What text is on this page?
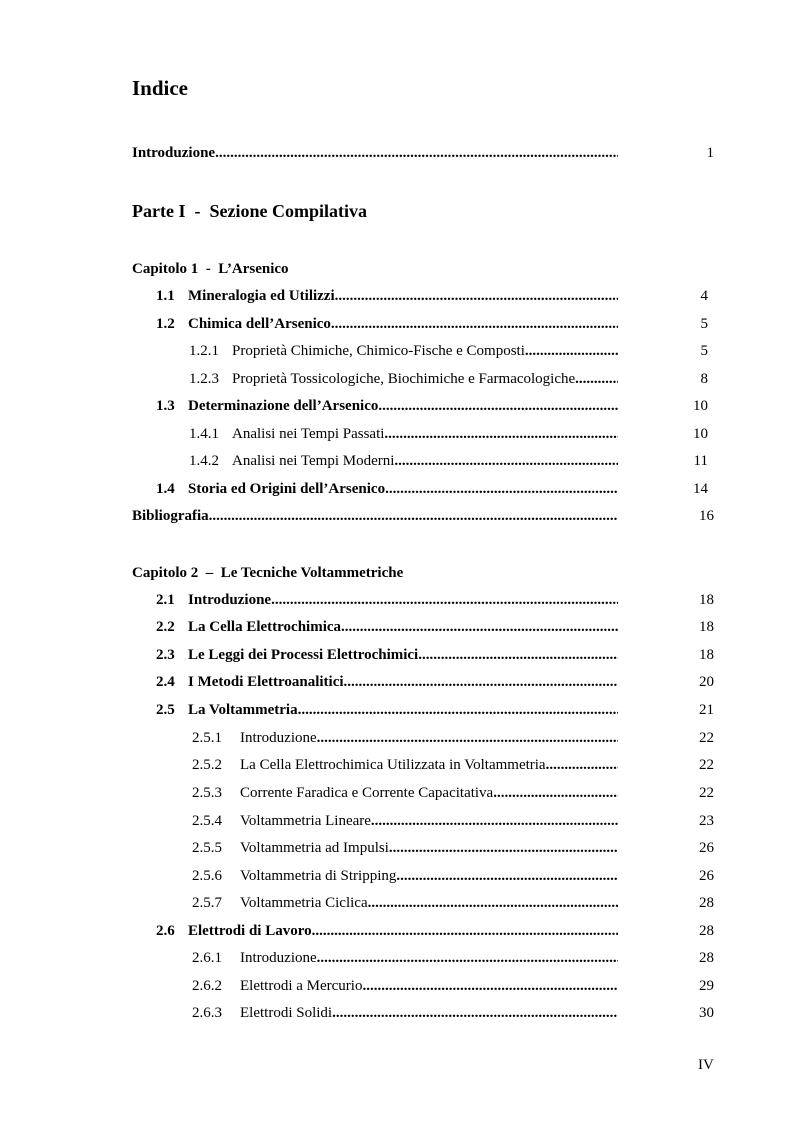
Indice
Introduzione .....	1
Parte I  -  Sezione Compilativa
Capitolo 1  -  L’Arsenico
1.1 Mineralogia ed Utilizzi .....	4
1.2 Chimica dell’Arsenico .....	5
1.2.1 Proprietà Chimiche, Chimico-Fische e Composti .....	5
1.2.3 Proprietà Tossicologiche, Biochimiche e Farmacologiche .....	8
1.3 Determinazione dell’Arsenico .....	10
1.4.1 Analisi nei Tempi Passati .....	10
1.4.2 Analisi nei Tempi Moderni .....	11
1.4 Storia ed Origini dell’Arsenico .....	14
Bibliografia .....	16
Capitolo 2  –  Le Tecniche Voltammetriche
2.1 Introduzione .....	18
2.2 La Cella Elettrochimica .....	18
2.3 Le Leggi dei Processi Elettrochimici .....	18
2.4 I Metodi Elettroanalitici .....	20
2.5 La Voltammetria .....	21
2.5.1	Introduzione .....	22
2.5.2	La Cella Elettrochimica Utilizzata in Voltammetria .....	22
2.5.3	Corrente Faradica e Corrente Capacitativa .....	22
2.5.4	Voltammetria Lineare .....	23
2.5.5	Voltammetria ad Impulsi .....	26
2.5.6	Voltammetria di Stripping .....	26
2.5.7	Voltammetria Ciclica .....	28
2.6 Elettrodi di Lavoro .....	28
2.6.1	Introduzione .....	28
2.6.2	Elettrodi a Mercurio .....	29
2.6.3	Elettrodi Solidi .....	30
IV
